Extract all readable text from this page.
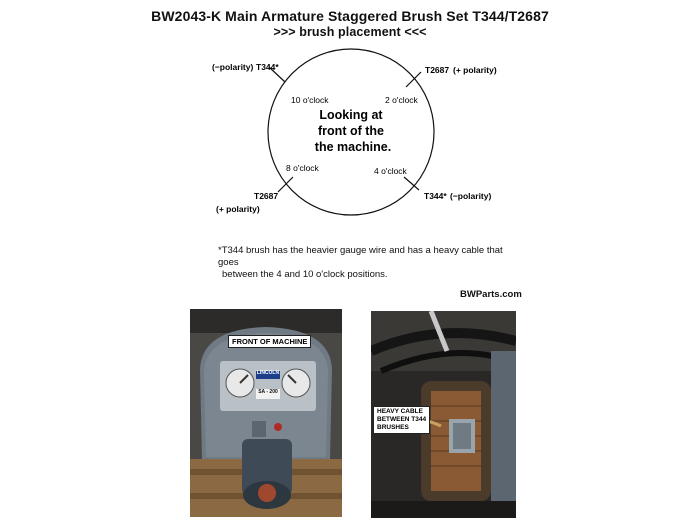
BW2043-K Main Armature Staggered Brush Set T344/T2687
>>> brush placement <<<
10 o'clock	2 o'clock
8 o'clock	4 o'clock
Looking at
front of the
the machine.
(−polarity) T344*	T2687 (+ polarity)
T2687
(+ polarity)
T344* (−polarity)
*T344 brush has the heavier gauge wire and has a heavy cable that goes
between the 4 and 10 o'clock positions.
BWParts.com
FRONT OF MACHINE
LINCOLN
SA - 200
HEAVY CABLE
BETWEEN T344
BRUSHES
